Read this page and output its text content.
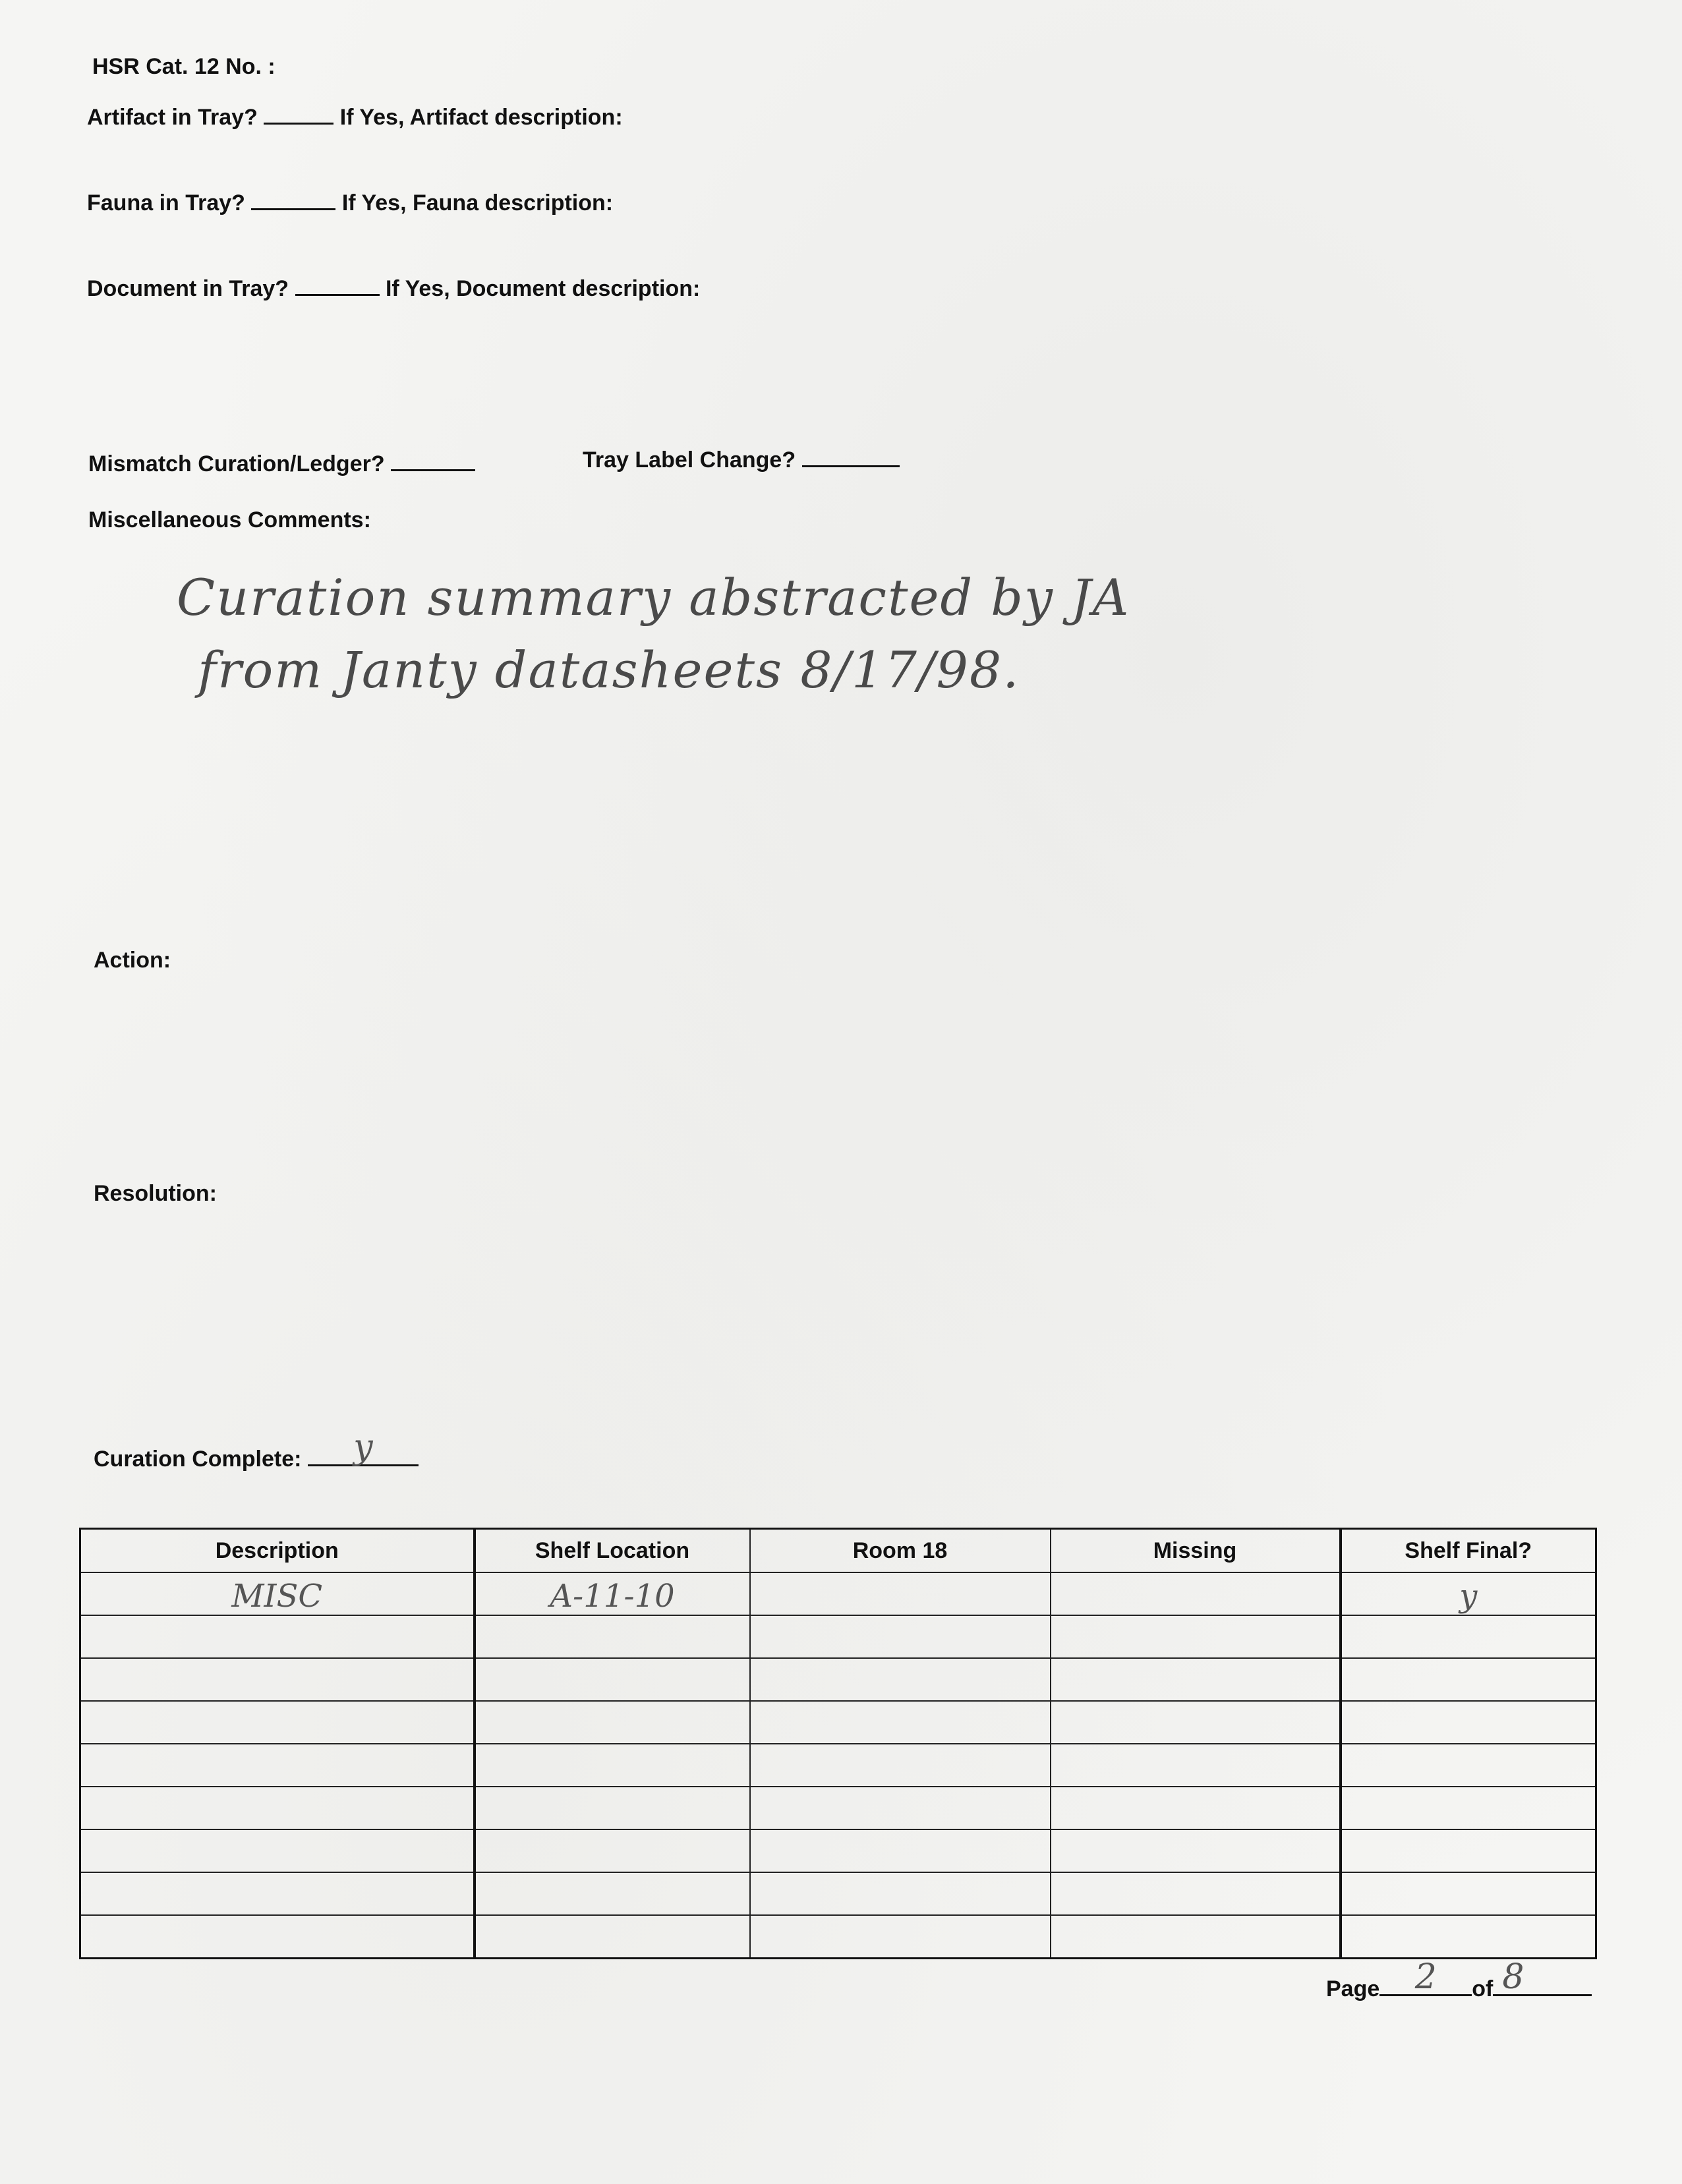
HSR Cat. 12 No. :
Artifact in Tray?	If Yes, Artifact description:
Fauna in Tray?	If Yes, Fauna description:
Document in Tray?	If Yes, Document description:
Mismatch Curation/Ledger?	Tray Label Change?
Miscellaneous Comments:
Curation summary abstracted by JA
from Janty datasheets 8/17/98.
Action:
Resolution:
Curation Complete:	y
Description	Shelf Location	Room 18	Missing	Shelf Final?
MISC	A-11-10			y

Page	2	of 8
